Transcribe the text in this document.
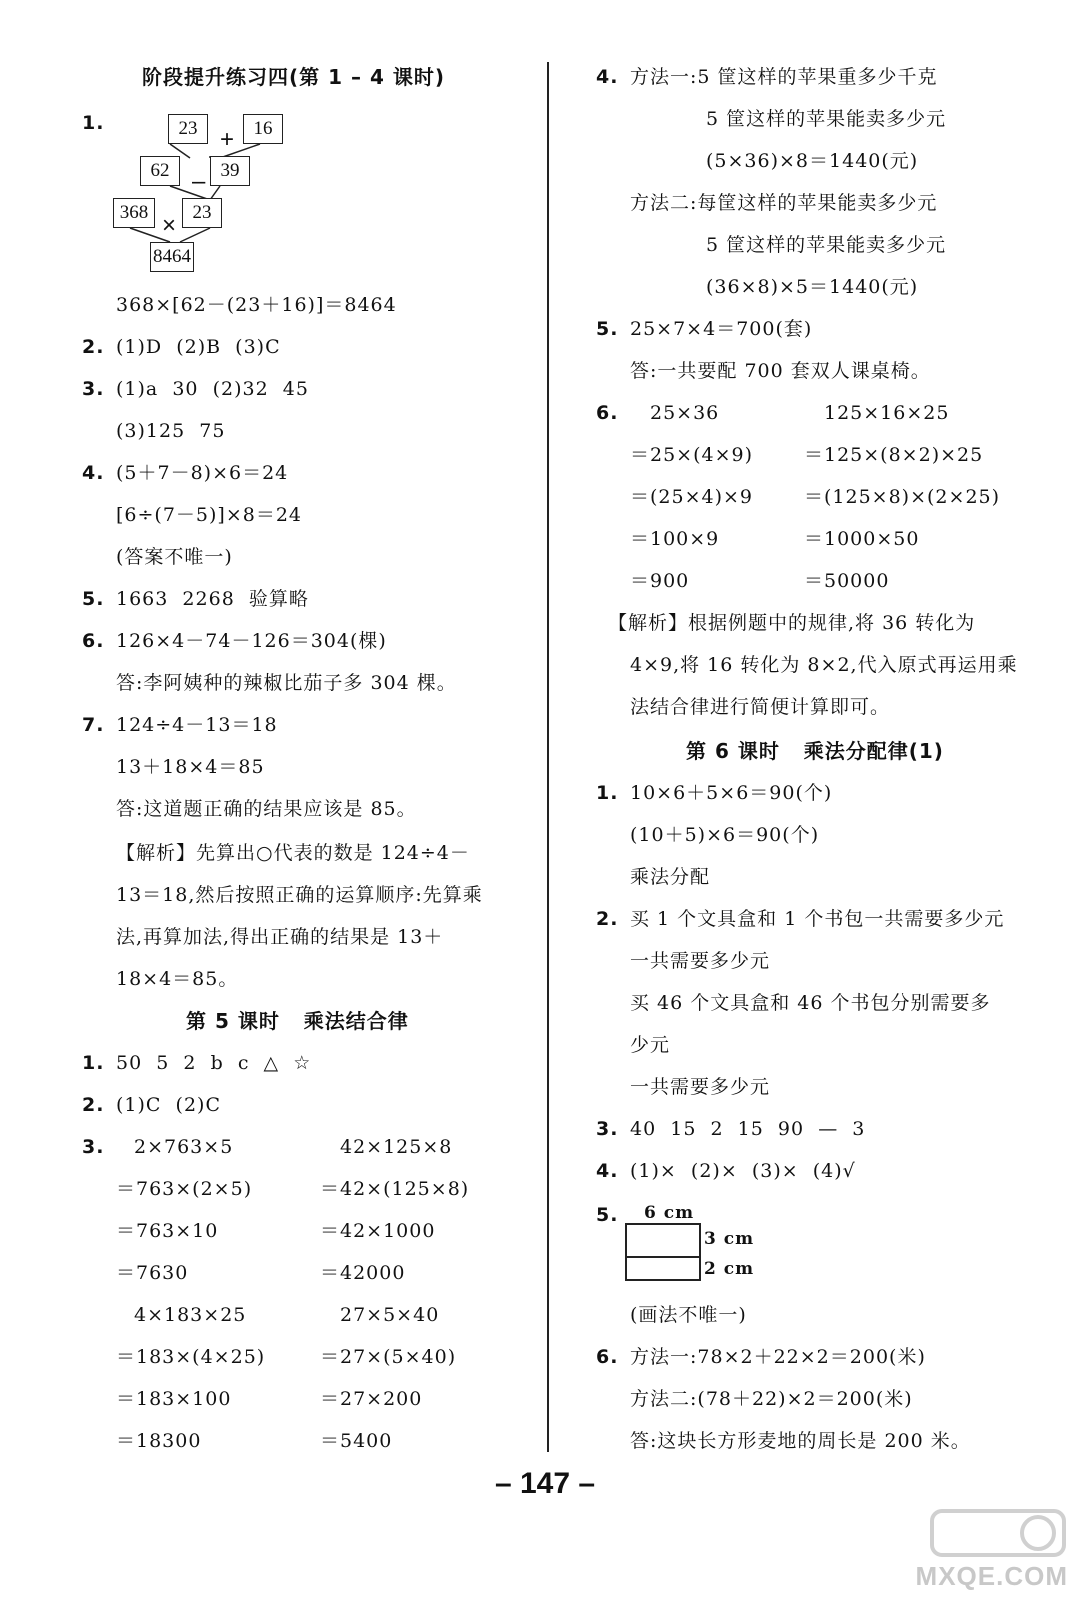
阶段提升练习四(第 1 – 4 课时)
1.	23 +	16
62 – 39
368 × 23
8464
368×[62－(23＋16)]＝8464
2. (1)D  (2)B  (3)C
3. (1)a  30  (2)32  45
(3)125  75
4. (5＋7－8)×6＝24
[6÷(7－5)]×8＝24
(答案不唯一)
5. 1663  2268  验算略
6. 126×4－74－126＝304(棵)
答:李阿姨种的辣椒比茄子多 304 棵。
7. 124÷4－13＝18
13＋18×4＝85
答:这道题正确的结果应该是 85。
【解析】先算出○代表的数是 124÷4－
13＝18,然后按照正确的运算顺序:先算乘
法,再算加法,得出正确的结果是 13＋
18×4＝85。
第 5 课时   乘法结合律
1. 50  5  2  b  c  △  ☆
2. (1)C  (2)C
3. 2×763×5
＝763×(2×5)
＝763×10
＝7630
42×125×8
＝42×(125×8)
＝42×1000
＝42000
4×183×25
＝183×(4×25)
＝183×100
＝18300
27×5×40
＝27×(5×40)
＝27×200
＝5400
4. 方法一:5 筐这样的苹果重多少千克
5 筐这样的苹果能卖多少元
(5×36)×8＝1440(元)
方法二:每筐这样的苹果能卖多少元
5 筐这样的苹果能卖多少元
(36×8)×5＝1440(元)
5. 25×7×4＝700(套)
答:一共要配 700 套双人课桌椅。
6. 25×36
＝25×(4×9)
＝(25×4)×9
＝100×9
＝900
125×16×25
＝125×(8×2)×25
＝(125×8)×(2×25)
＝1000×50
＝50000
【解析】根据例题中的规律,将 36 转化为
4×9,将 16 转化为 8×2,代入原式再运用乘
法结合律进行简便计算即可。
第 6 课时   乘法分配律(1)
1. 10×6＋5×6＝90(个)
(10＋5)×6＝90(个)
乘法分配
2. 买 1 个文具盒和 1 个书包一共需要多少元
一共需要多少元
买 46 个文具盒和 46 个书包分别需要多
少元
一共需要多少元
3. 40  15  2  15  90  —  3
4. (1)×  (2)×  (3)×  (4)√
5. 6 cm
3 cm
2 cm
(画法不唯一)
6. 方法一:78×2＋22×2＝200(米)
方法二:(78＋22)×2＝200(米)
答:这块长方形麦地的周长是 200 米。
– 147 –
MXQE.COM
